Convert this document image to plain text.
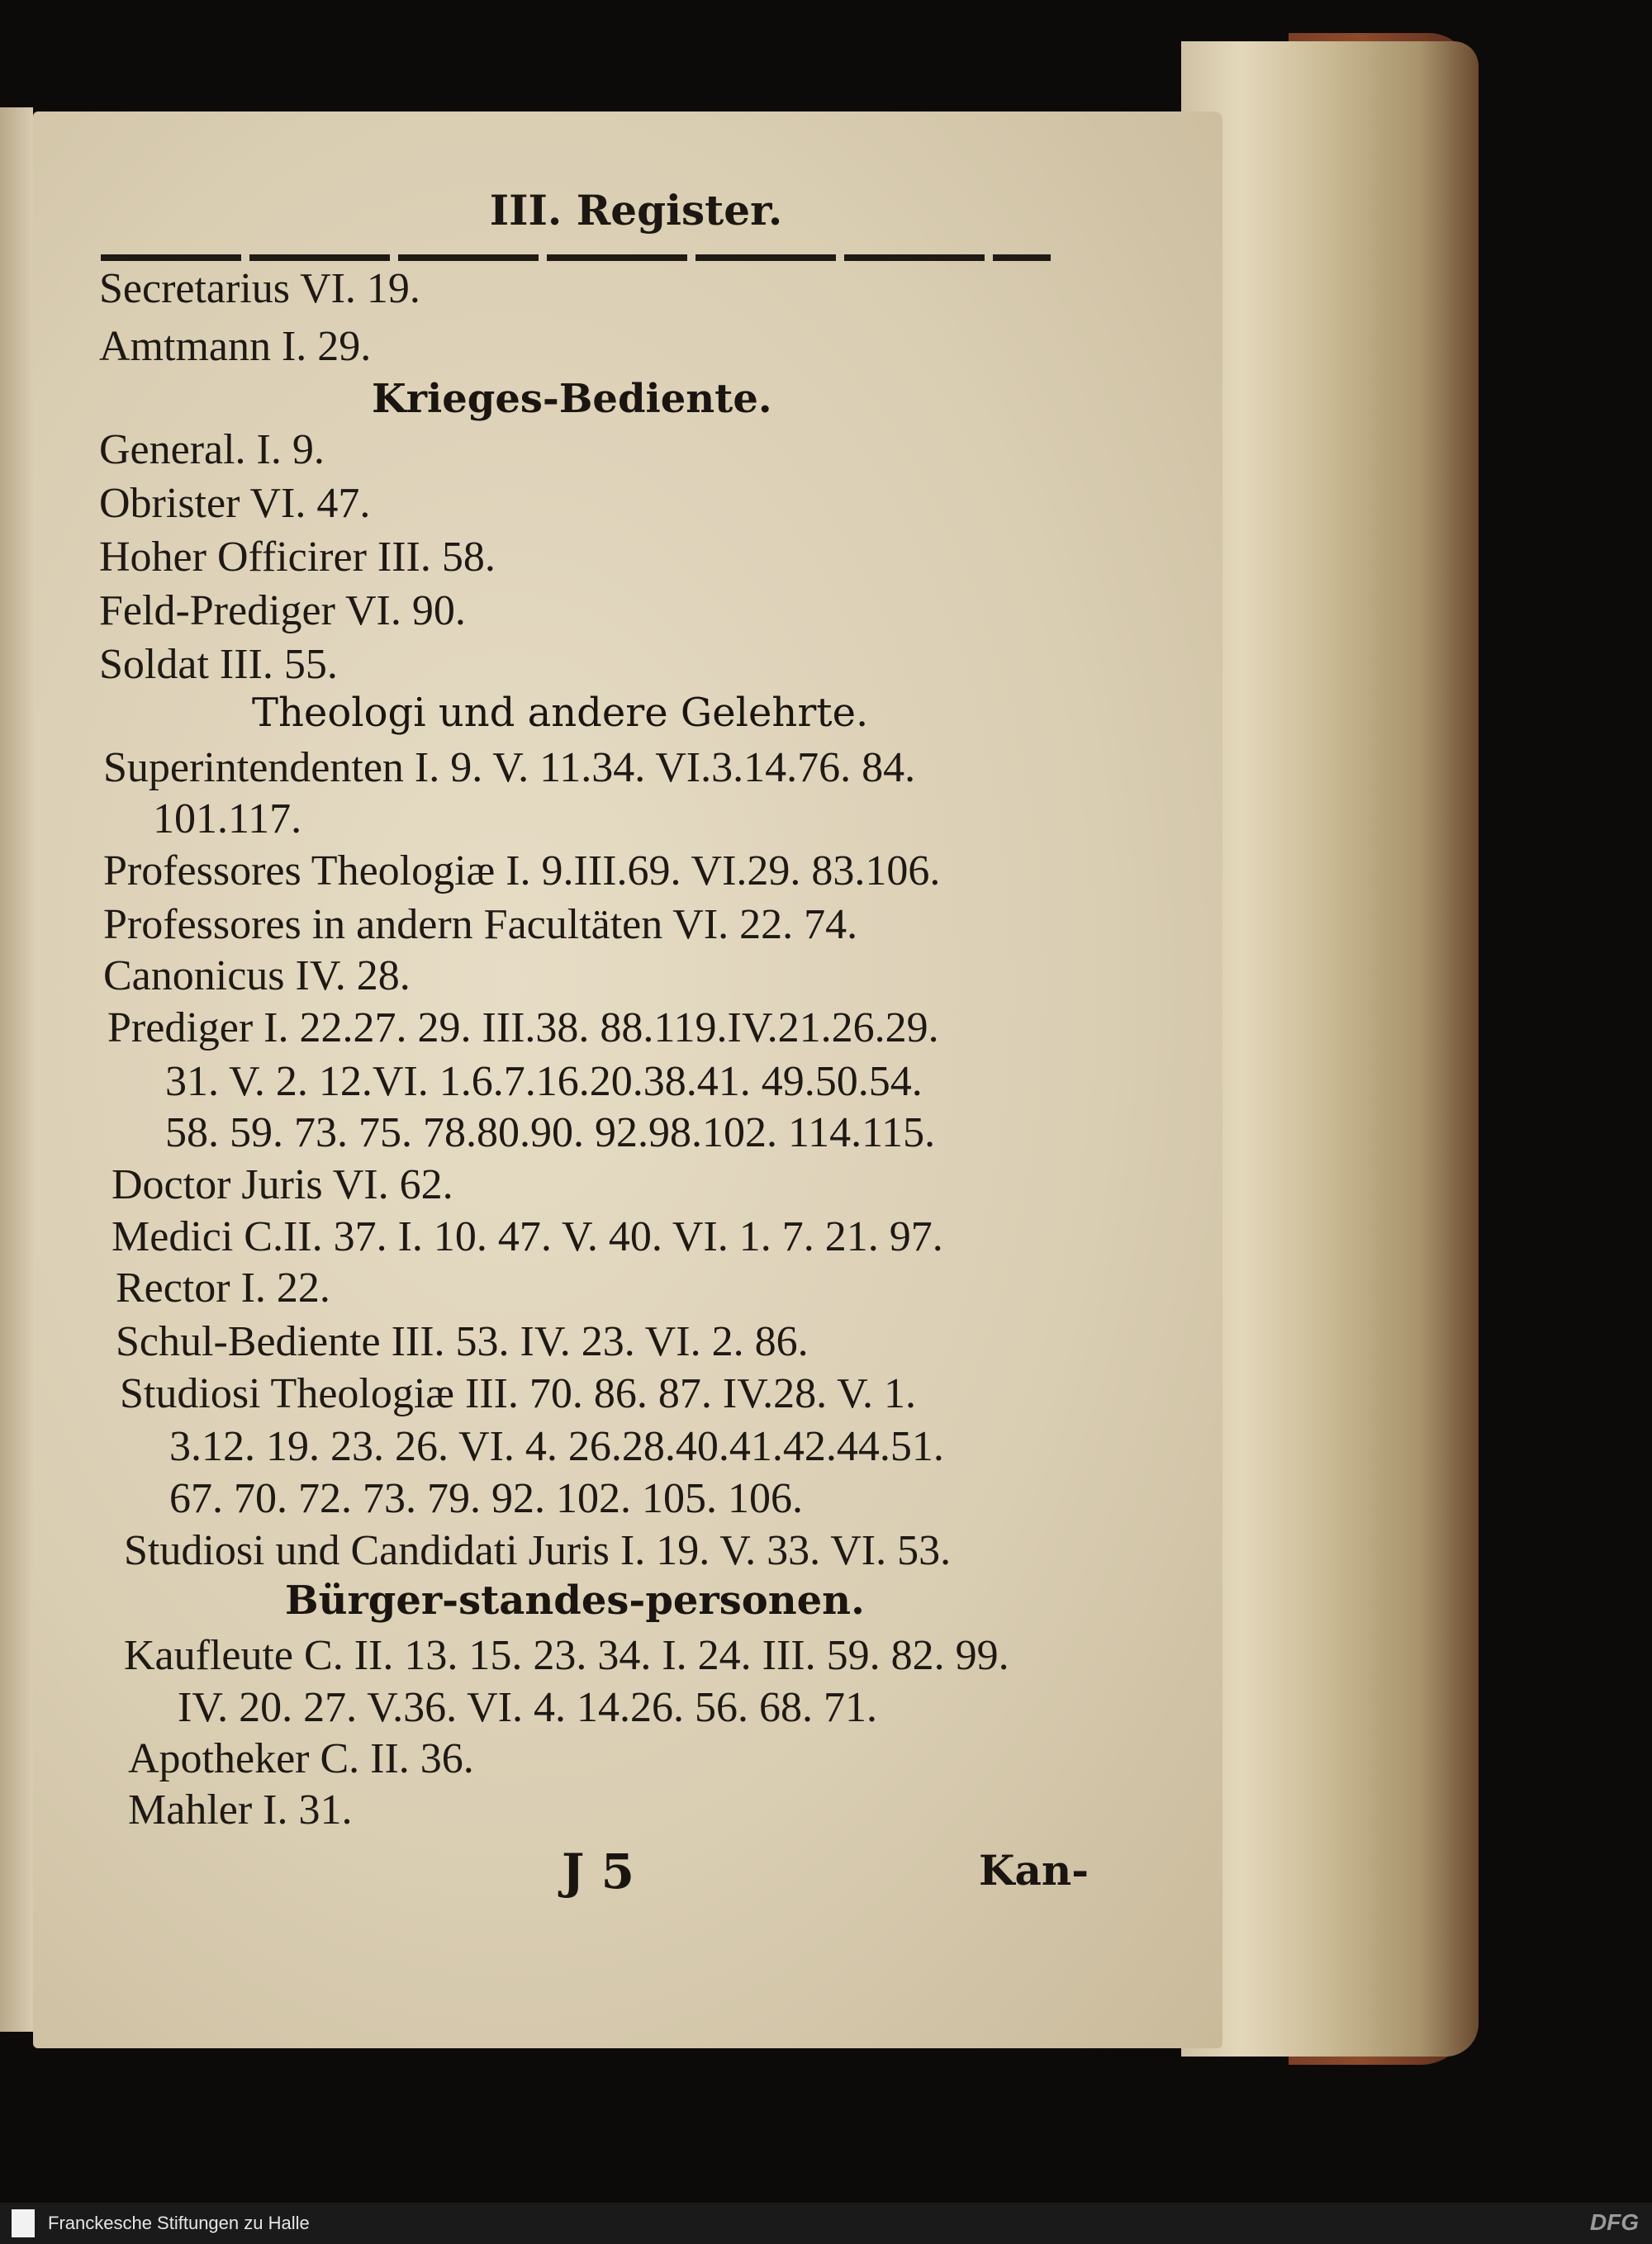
III. Register.
Secretarius VI. 19.
Amtmann I. 29.
Krieges-Bediente.
General. I. 9.
Obrister VI. 47.
Hoher Officirer III. 58.
Feld-Prediger VI. 90.
Soldat III. 55.
Theologi und andere Gelehrte.
Superintendenten I. 9. V. 11.34. VI.3.14.76. 84.
101.117.
Professores Theologiæ I. 9.III.69. VI.29. 83.106.
Professores in andern Facultäten VI. 22. 74.
Canonicus IV. 28.
Prediger I. 22.27. 29. III.38. 88.119.IV.21.26.29.
31. V. 2. 12.VI. 1.6.7.16.20.38.41. 49.50.54.
58. 59. 73. 75. 78.80.90. 92.98.102. 114.115.
Doctor Juris VI. 62.
Medici C.II. 37. I. 10. 47. V. 40. VI. 1. 7. 21. 97.
Rector I. 22.
Schul-Bediente III. 53. IV. 23. VI. 2. 86.
Studiosi Theologiæ III. 70. 86. 87. IV.28. V. 1.
3.12. 19. 23. 26. VI. 4. 26.28.40.41.42.44.51.
67. 70. 72. 73. 79. 92. 102. 105. 106.
Studiosi und Candidati Juris I. 19. V. 33. VI. 53.
Bürger-standes-personen.
Kaufleute C. II. 13. 15. 23. 34. I. 24. III. 59. 82. 99.
IV. 20. 27. V.36. VI. 4. 14.26. 56. 68. 71.
Apotheker C. II. 36.
Mahler I. 31.
J 5	Kan-
Franckesche Stiftungen zu Halle	DFG
